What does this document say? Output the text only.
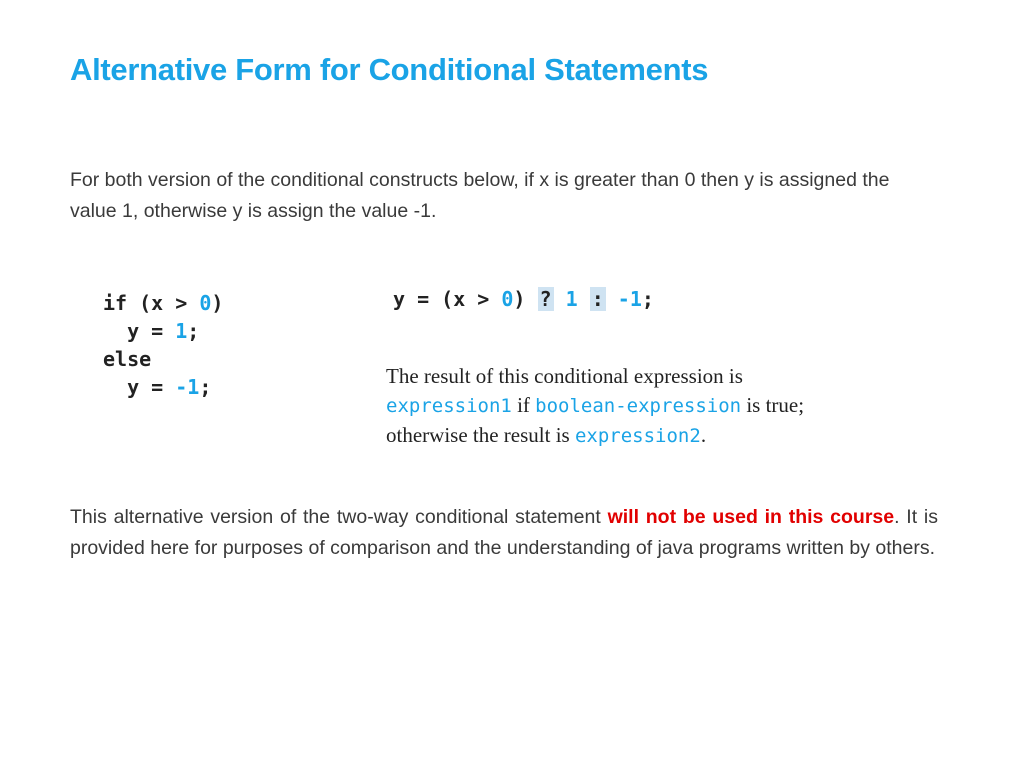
Alternative Form for Conditional Statements
For both version of the conditional constructs below, if x is greater than 0 then y is assigned the value 1, otherwise y is assign the value -1.
if (x > 0)
y = 1;
else
y = -1;
y = (x > 0) ? 1 : -1;
The result of this conditional expression is
expression1 if boolean-expression is true;
otherwise the result is expression2.
This alternative version of the two-way conditional statement will not be used in this course. It is provided here for purposes of comparison and the understanding of java programs written by others.
